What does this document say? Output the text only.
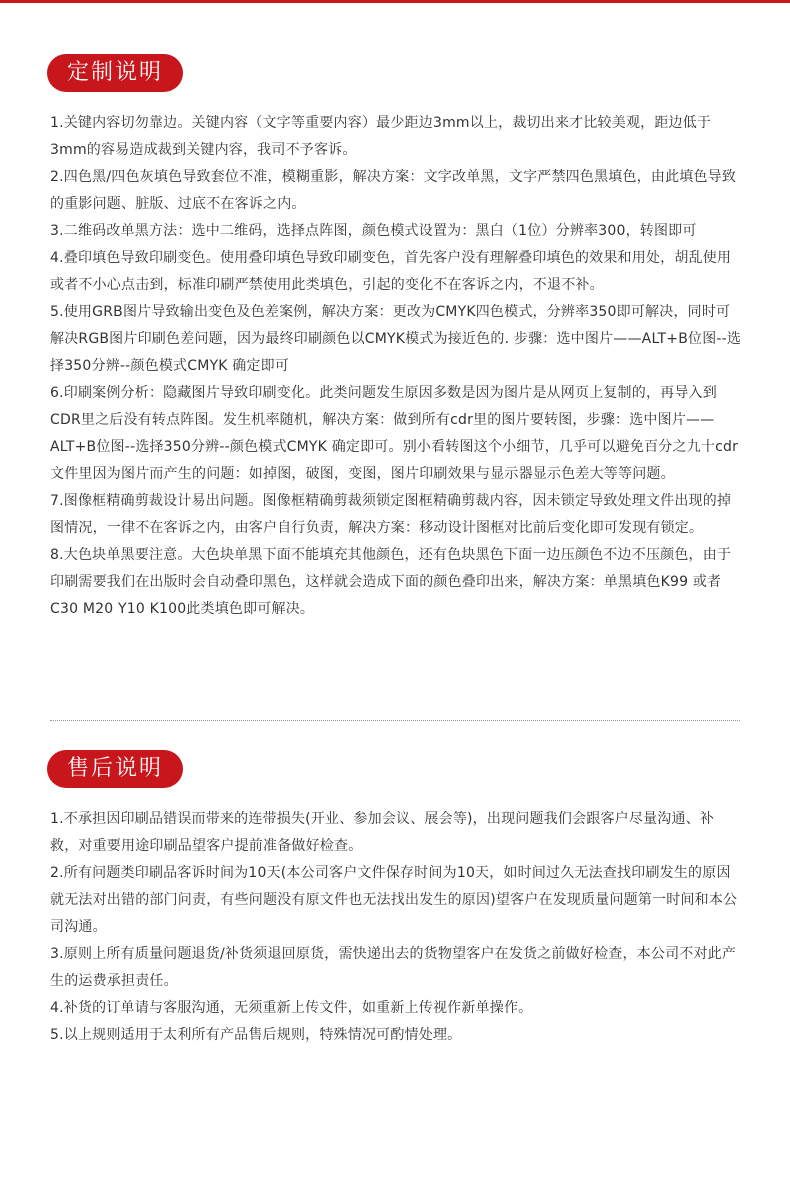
定制说明

1.关键内容切勿靠边。关键内容（文字等重要内容）最少距边3mm以上，裁切出来才比较美观，距边低于3mm的容易造成裁到关键内容，我司不予客诉。

2.四色黑/四色灰填色导致套位不准，模糊重影，解决方案：文字改单黑，文字严禁四色黑填色，由此填色导致的重影问题、脏版、过底不在客诉之内。

3.二维码改单黑方法：选中二维码，选择点阵图，颜色模式设置为：黑白（1位）分辨率300，转图即可

4.叠印填色导致印刷变色。使用叠印填色导致印刷变色，首先客户没有理解叠印填色的效果和用处，胡乱使用或者不小心点击到，标准印刷严禁使用此类填色，引起的变化不在客诉之内，不退不补。

5.使用GRB图片导致输出变色及色差案例，解决方案：更改为CMYK四色模式，分辨率350即可解决，同时可解决RGB图片印刷色差问题，因为最终印刷颜色以CMYK模式为接近色的. 步骤：选中图片——ALT+B位图--选择350分辨--颜色模式CMYK 确定即可

6.印刷案例分析：隐藏图片导致印刷变化。此类问题发生原因多数是因为图片是从网页上复制的，再导入到CDR里之后没有转点阵图。发生机率随机，解决方案：做到所有cdr里的图片要转图，步骤：选中图片——ALT+B位图--选择350分辨--颜色模式CMYK 确定即可。别小看转图这个小细节，几乎可以避免百分之九十cdr文件里因为图片而产生的问题：如掉图，破图，变图，图片印刷效果与显示器显示色差大等等问题。

7.图像框精确剪裁设计易出问题。图像框精确剪裁须锁定图框精确剪裁内容，因未锁定导致处理文件出现的掉图情况，一律不在客诉之内，由客户自行负责，解决方案：移动设计图框对比前后变化即可发现有锁定。

8.大色块单黑要注意。大色块单黑下面不能填充其他颜色，还有色块黑色下面一边压颜色不边不压颜色，由于印刷需要我们在出版时会自动叠印黑色，这样就会造成下面的颜色叠印出来，解决方案：单黑填色K99 或者C30 M20 Y10 K100此类填色即可解决。

售后说明

1.不承担因印刷品错误而带来的连带损失(开业、参加会议、展会等)，出现问题我们会跟客户尽量沟通、补救，对重要用途印刷品望客户提前准备做好检查。

2.所有问题类印刷品客诉时间为10天(本公司客户文件保存时间为10天，如时间过久无法查找印刷发生的原因就无法对出错的部门问责，有些问题没有原文件也无法找出发生的原因)望客户在发现质量问题第一时间和本公司沟通。

3.原则上所有质量问题退货/补货须退回原货，需快递出去的货物望客户在发货之前做好检查，本公司不对此产生的运费承担责任。

4.补货的订单请与客服沟通，无须重新上传文件，如重新上传视作新单操作。

5.以上规则适用于太利所有产品售后规则，特殊情况可酌情处理。
